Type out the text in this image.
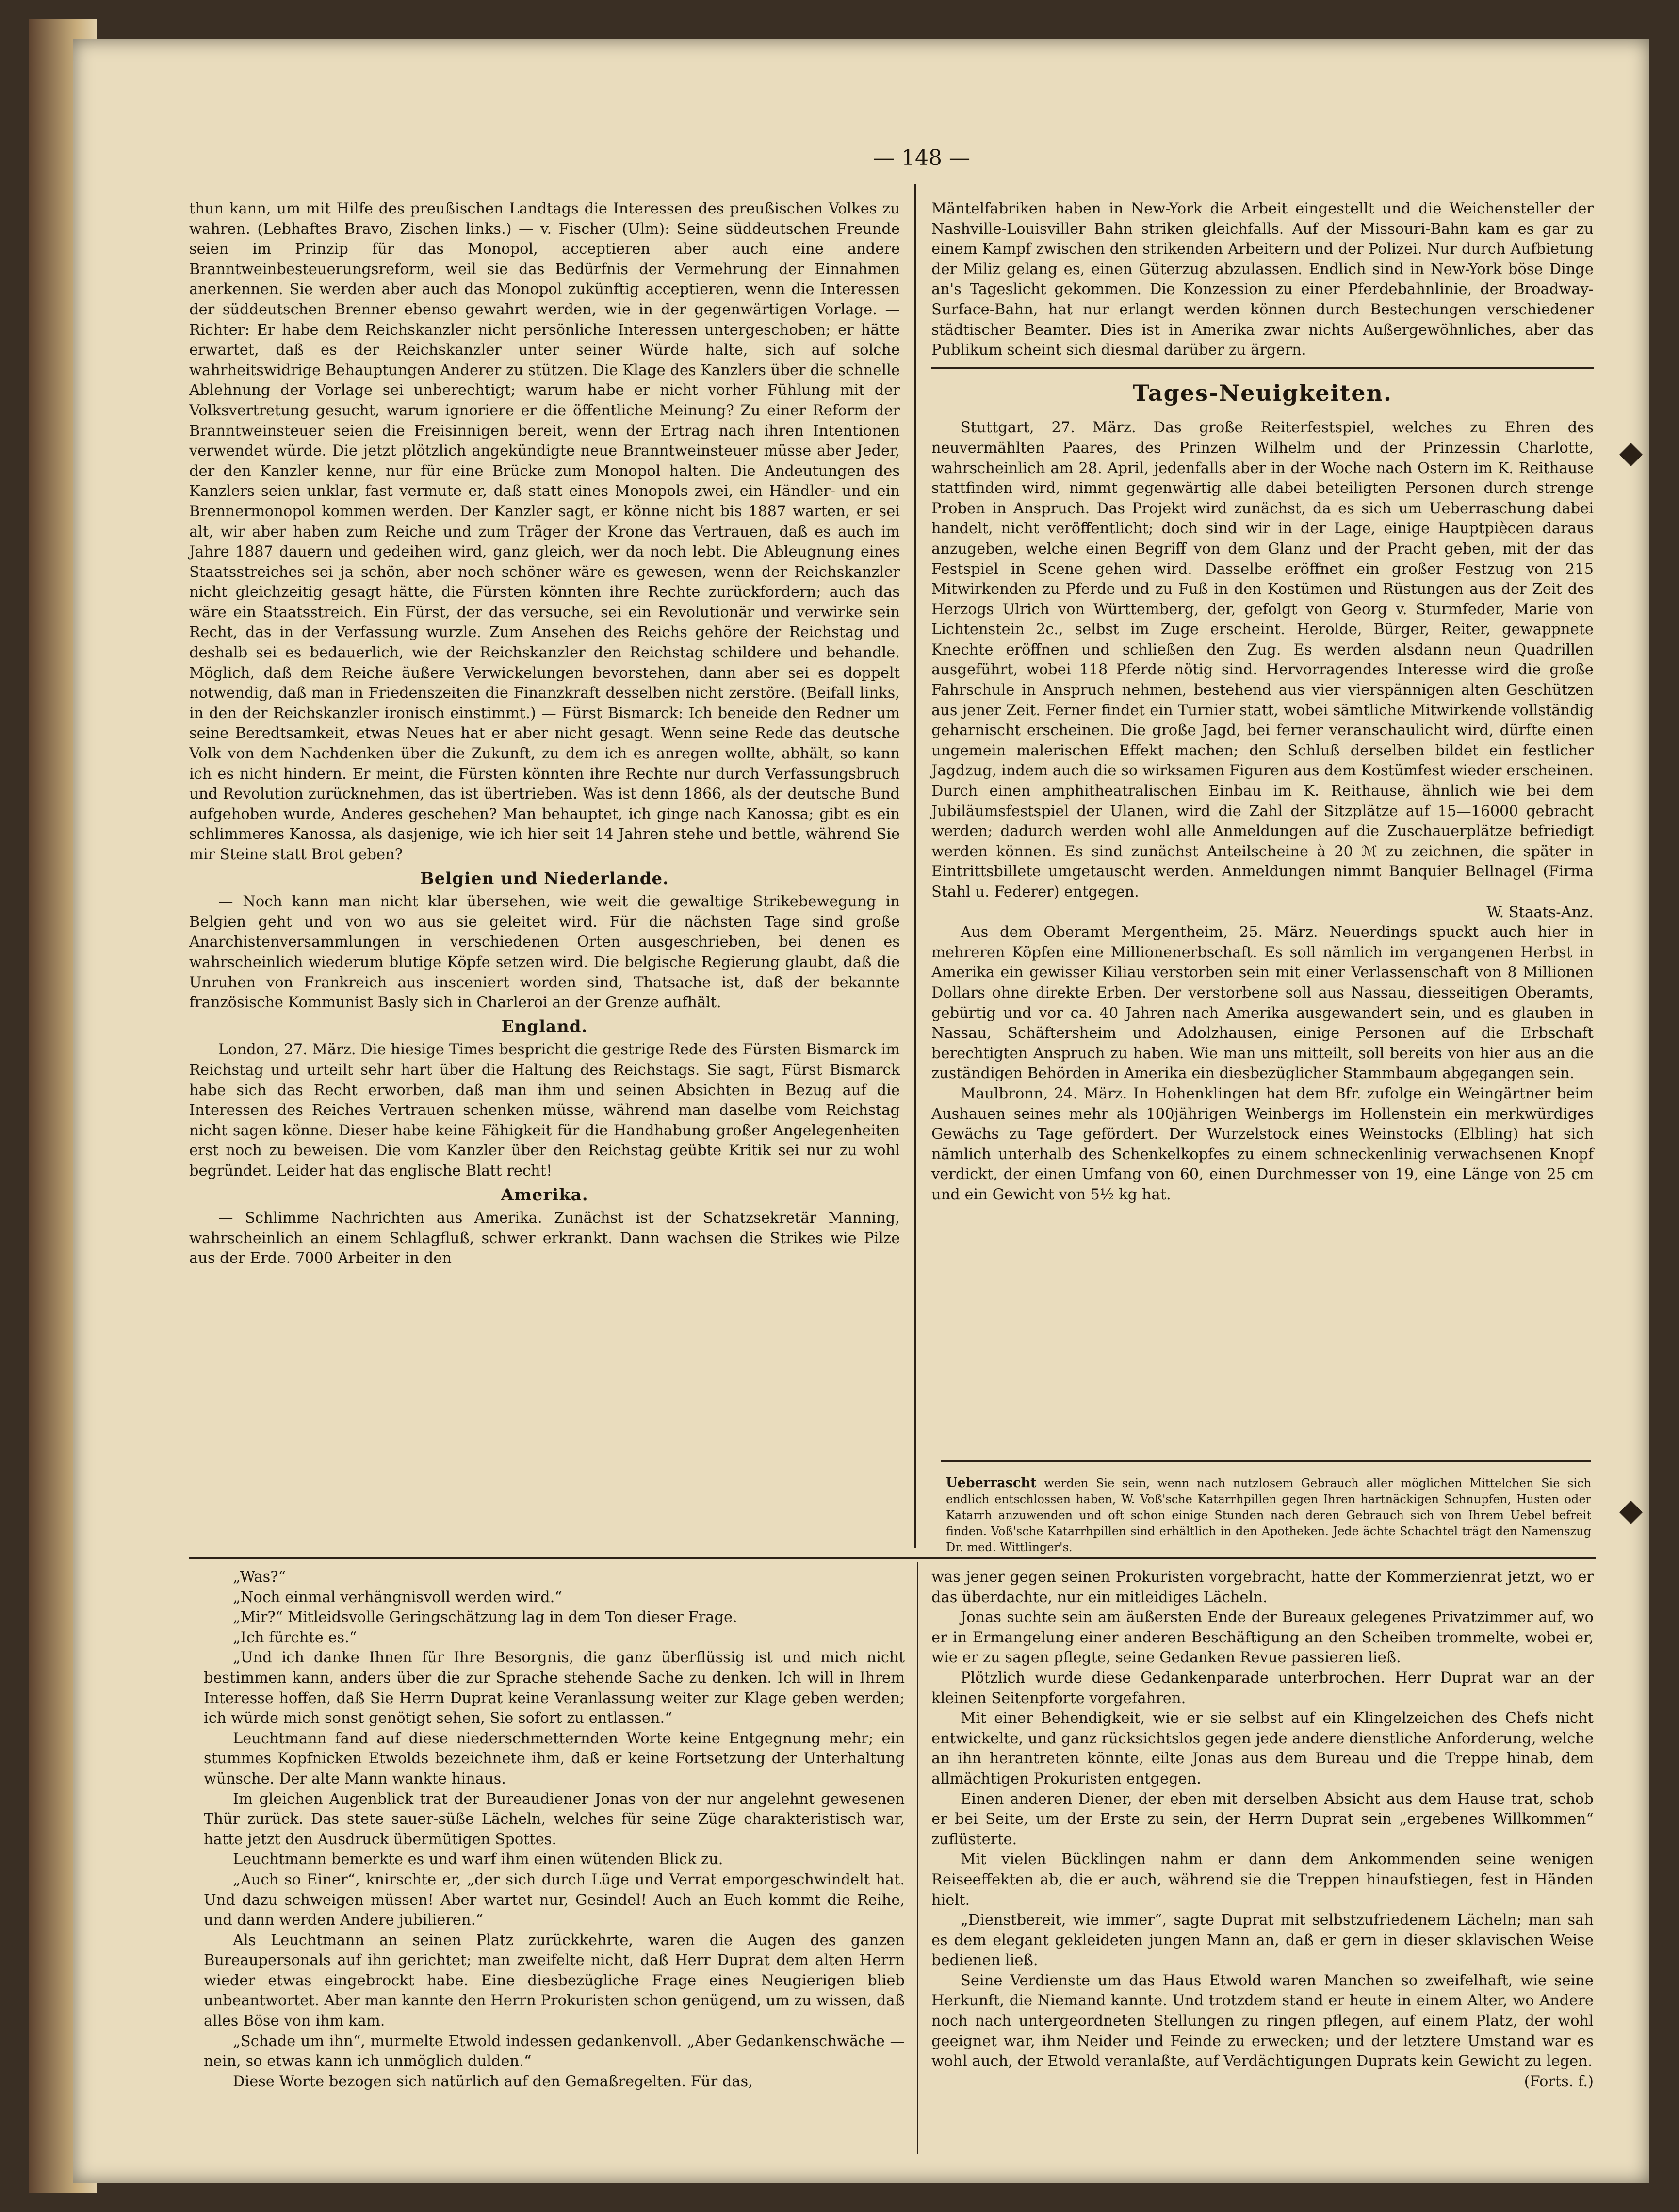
— 148 —

thun kann, um mit Hilfe des preußischen Landtags die Interessen des preußischen Volkes zu wahren. (Lebhaftes Bravo, Zischen links.) — v. Fischer (Ulm): Seine süddeutschen Freunde seien im Prinzip für das Monopol, acceptieren aber auch eine andere Branntweinbesteuerungsreform, weil sie das Bedürfnis der Vermehrung der Einnahmen anerkennen. Sie werden aber auch das Monopol zukünftig acceptieren, wenn die Interessen der süddeutschen Brenner ebenso gewahrt werden, wie in der gegenwärtigen Vorlage. — Richter: Er habe dem Reichskanzler nicht persönliche Interessen untergeschoben; er hätte erwartet, daß es der Reichskanzler unter seiner Würde halte, sich auf solche wahrheitswidrige Behauptungen Anderer zu stützen. Die Klage des Kanzlers über die schnelle Ablehnung der Vorlage sei unberechtigt; warum habe er nicht vorher Fühlung mit der Volksvertretung gesucht, warum ignoriere er die öffentliche Meinung? Zu einer Reform der Branntweinsteuer seien die Freisinnigen bereit, wenn der Ertrag nach ihren Intentionen verwendet würde. Die jetzt plötzlich angekündigte neue Branntweinsteuer müsse aber Jeder, der den Kanzler kenne, nur für eine Brücke zum Monopol halten. Die Andeutungen des Kanzlers seien unklar, fast vermute er, daß statt eines Monopols zwei, ein Händler- und ein Brennermonopol kommen werden. Der Kanzler sagt, er könne nicht bis 1887 warten, er sei alt, wir aber haben zum Reiche und zum Träger der Krone das Vertrauen, daß es auch im Jahre 1887 dauern und gedeihen wird, ganz gleich, wer da noch lebt. Die Ableugnung eines Staatsstreiches sei ja schön, aber noch schöner wäre es gewesen, wenn der Reichskanzler nicht gleichzeitig gesagt hätte, die Fürsten könnten ihre Rechte zurückfordern; auch das wäre ein Staatsstreich. Ein Fürst, der das versuche, sei ein Revolutionär und verwirke sein Recht, das in der Verfassung wurzle. Zum Ansehen des Reichs gehöre der Reichstag und deshalb sei es bedauerlich, wie der Reichskanzler den Reichstag schildere und behandle. Möglich, daß dem Reiche äußere Verwickelungen bevorstehen, dann aber sei es doppelt notwendig, daß man in Friedenszeiten die Finanzkraft desselben nicht zerstöre. (Beifall links, in den der Reichskanzler ironisch einstimmt.) — Fürst Bismarck: Ich beneide den Redner um seine Beredtsamkeit, etwas Neues hat er aber nicht gesagt. Wenn seine Rede das deutsche Volk von dem Nachdenken über die Zukunft, zu dem ich es anregen wollte, abhält, so kann ich es nicht hindern. Er meint, die Fürsten könnten ihre Rechte nur durch Verfassungsbruch und Revolution zurücknehmen, das ist übertrieben. Was ist denn 1866, als der deutsche Bund aufgehoben wurde, Anderes geschehen? Man behauptet, ich ginge nach Kanossa; gibt es ein schlimmeres Kanossa, als dasjenige, wie ich hier seit 14 Jahren stehe und bettle, während Sie mir Steine statt Brot geben?

Belgien und Niederlande.

— Noch kann man nicht klar übersehen, wie weit die gewaltige Strikebewegung in Belgien geht und von wo aus sie geleitet wird. Für die nächsten Tage sind große Anarchistenversammlungen in verschiedenen Orten ausgeschrieben, bei denen es wahrscheinlich wiederum blutige Köpfe setzen wird. Die belgische Regierung glaubt, daß die Unruhen von Frankreich aus insceniert worden sind, Thatsache ist, daß der bekannte französische Kommunist Basly sich in Charleroi an der Grenze aufhält.

England.

London, 27. März. Die hiesige Times bespricht die gestrige Rede des Fürsten Bismarck im Reichstag und urteilt sehr hart über die Haltung des Reichstags. Sie sagt, Fürst Bismarck habe sich das Recht erworben, daß man ihm und seinen Absichten in Bezug auf die Interessen des Reiches Vertrauen schenken müsse, während man daselbe vom Reichstag nicht sagen könne. Dieser habe keine Fähigkeit für die Handhabung großer Angelegenheiten erst noch zu beweisen. Die vom Kanzler über den Reichstag geübte Kritik sei nur zu wohl begründet. Leider hat das englische Blatt recht!

Amerika.

— Schlimme Nachrichten aus Amerika. Zunächst ist der Schatzsekretär Manning, wahrscheinlich an einem Schlagfluß, schwer erkrankt. Dann wachsen die Strikes wie Pilze aus der Erde. 7000 Arbeiter in den

Mäntelfabriken haben in New-York die Arbeit eingestellt und die Weichensteller der Nashville-Louisviller Bahn striken gleichfalls. Auf der Missouri-Bahn kam es gar zu einem Kampf zwischen den strikenden Arbeitern und der Polizei. Nur durch Aufbietung der Miliz gelang es, einen Güterzug abzulassen. Endlich sind in New-York böse Dinge an's Tageslicht gekommen. Die Konzession zu einer Pferdebahnlinie, der Broadway-Surface-Bahn, hat nur erlangt werden können durch Bestechungen verschiedener städtischer Beamter. Dies ist in Amerika zwar nichts Außergewöhnliches, aber das Publikum scheint sich diesmal darüber zu ärgern.

Tages-Neuigkeiten.

Stuttgart, 27. März. Das große Reiterfestspiel, welches zu Ehren des neuvermählten Paares, des Prinzen Wilhelm und der Prinzessin Charlotte, wahrscheinlich am 28. April, jedenfalls aber in der Woche nach Ostern im K. Reithause stattfinden wird, nimmt gegenwärtig alle dabei beteiligten Personen durch strenge Proben in Anspruch. Das Projekt wird zunächst, da es sich um Ueberraschung dabei handelt, nicht veröffentlicht; doch sind wir in der Lage, einige Hauptpiècen daraus anzugeben, welche einen Begriff von dem Glanz und der Pracht geben, mit der das Festspiel in Scene gehen wird. Dasselbe eröffnet ein großer Festzug von 215 Mitwirkenden zu Pferde und zu Fuß in den Kostümen und Rüstungen aus der Zeit des Herzogs Ulrich von Württemberg, der, gefolgt von Georg v. Sturmfeder, Marie von Lichtenstein 2c., selbst im Zuge erscheint. Herolde, Bürger, Reiter, gewappnete Knechte eröffnen und schließen den Zug. Es werden alsdann neun Quadrillen ausgeführt, wobei 118 Pferde nötig sind. Hervorragendes Interesse wird die große Fahrschule in Anspruch nehmen, bestehend aus vier vierspännigen alten Geschützen aus jener Zeit. Ferner findet ein Turnier statt, wobei sämtliche Mitwirkende vollständig geharnischt erscheinen. Die große Jagd, bei ferner veranschaulicht wird, dürfte einen ungemein malerischen Effekt machen; den Schluß derselben bildet ein festlicher Jagdzug, indem auch die so wirksamen Figuren aus dem Kostümfest wieder erscheinen. Durch einen amphitheatralischen Einbau im K. Reithause, ähnlich wie bei dem Jubiläumsfestspiel der Ulanen, wird die Zahl der Sitzplätze auf 15—16000 gebracht werden; dadurch werden wohl alle Anmeldungen auf die Zuschauerplätze befriedigt werden können. Es sind zunächst Anteilscheine à 20 ℳ zu zeichnen, die später in Eintrittsbillete umgetauscht werden. Anmeldungen nimmt Banquier Bellnagel (Firma Stahl u. Federer) entgegen.

W. Staats-Anz.

Aus dem Oberamt Mergentheim, 25. März. Neuerdings spuckt auch hier in mehreren Köpfen eine Millionenerbschaft. Es soll nämlich im vergangenen Herbst in Amerika ein gewisser Kiliau verstorben sein mit einer Verlassenschaft von 8 Millionen Dollars ohne direkte Erben. Der verstorbene soll aus Nassau, diesseitigen Oberamts, gebürtig und vor ca. 40 Jahren nach Amerika ausgewandert sein, und es glauben in Nassau, Schäftersheim und Adolzhausen, einige Personen auf die Erbschaft berechtigten Anspruch zu haben. Wie man uns mitteilt, soll bereits von hier aus an die zuständigen Behörden in Amerika ein diesbezüglicher Stammbaum abgegangen sein.

Maulbronn, 24. März. In Hohenklingen hat dem Bfr. zufolge ein Weingärtner beim Aushauen seines mehr als 100jährigen Weinbergs im Hollenstein ein merkwürdiges Gewächs zu Tage gefördert. Der Wurzelstock eines Weinstocks (Elbling) hat sich nämlich unterhalb des Schenkelkopfes zu einem schneckenlinig verwachsenen Knopf verdickt, der einen Umfang von 60, einen Durchmesser von 19, eine Länge von 25 cm und ein Gewicht von 5½ kg hat.

Ueberrascht werden Sie sein, wenn nach nutzlosem Gebrauch aller möglichen Mittelchen Sie sich endlich entschlossen haben, W. Voß'sche Katarrhpillen gegen Ihren hartnäckigen Schnupfen, Husten oder Katarrh anzuwenden und oft schon einige Stunden nach deren Gebrauch sich von Ihrem Uebel befreit finden. Voß'sche Katarrhpillen sind erhältlich in den Apotheken. Jede ächte Schachtel trägt den Namenszug Dr. med. Wittlinger's.

„Was?“

„Noch einmal verhängnisvoll werden wird.“

„Mir?“ Mitleidsvolle Geringschätzung lag in dem Ton dieser Frage.

„Ich fürchte es.“

„Und ich danke Ihnen für Ihre Besorgnis, die ganz überflüssig ist und mich nicht bestimmen kann, anders über die zur Sprache stehende Sache zu denken. Ich will in Ihrem Interesse hoffen, daß Sie Herrn Duprat keine Veranlassung weiter zur Klage geben werden; ich würde mich sonst genötigt sehen, Sie sofort zu entlassen.“

Leuchtmann fand auf diese niederschmetternden Worte keine Entgegnung mehr; ein stummes Kopfnicken Etwolds bezeichnete ihm, daß er keine Fortsetzung der Unterhaltung wünsche. Der alte Mann wankte hinaus.

Im gleichen Augenblick trat der Bureaudiener Jonas von der nur angelehnt gewesenen Thür zurück. Das stete sauer-süße Lächeln, welches für seine Züge charakteristisch war, hatte jetzt den Ausdruck übermütigen Spottes.

Leuchtmann bemerkte es und warf ihm einen wütenden Blick zu.

„Auch so Einer“, knirschte er, „der sich durch Lüge und Verrat emporgeschwindelt hat. Und dazu schweigen müssen! Aber wartet nur, Gesindel! Auch an Euch kommt die Reihe, und dann werden Andere jubilieren.“

Als Leuchtmann an seinen Platz zurückkehrte, waren die Augen des ganzen Bureaupersonals auf ihn gerichtet; man zweifelte nicht, daß Herr Duprat dem alten Herrn wieder etwas eingebrockt habe. Eine diesbezügliche Frage eines Neugierigen blieb unbeantwortet. Aber man kannte den Herrn Prokuristen schon genügend, um zu wissen, daß alles Böse von ihm kam.

„Schade um ihn“, murmelte Etwold indessen gedankenvoll. „Aber Gedankenschwäche — nein, so etwas kann ich unmöglich dulden.“

Diese Worte bezogen sich natürlich auf den Gemaßregelten. Für das,

was jener gegen seinen Prokuristen vorgebracht, hatte der Kommerzienrat jetzt, wo er das überdachte, nur ein mitleidiges Lächeln.

Jonas suchte sein am äußersten Ende der Bureaux gelegenes Privatzimmer auf, wo er in Ermangelung einer anderen Beschäftigung an den Scheiben trommelte, wobei er, wie er zu sagen pflegte, seine Gedanken Revue passieren ließ.

Plötzlich wurde diese Gedankenparade unterbrochen. Herr Duprat war an der kleinen Seitenpforte vorgefahren.

Mit einer Behendigkeit, wie er sie selbst auf ein Klingelzeichen des Chefs nicht entwickelte, und ganz rücksichtslos gegen jede andere dienstliche Anforderung, welche an ihn herantreten könnte, eilte Jonas aus dem Bureau und die Treppe hinab, dem allmächtigen Prokuristen entgegen.

Einen anderen Diener, der eben mit derselben Absicht aus dem Hause trat, schob er bei Seite, um der Erste zu sein, der Herrn Duprat sein „ergebenes Willkommen“ zuflüsterte.

Mit vielen Bücklingen nahm er dann dem Ankommenden seine wenigen Reiseeffekten ab, die er auch, während sie die Treppen hinaufstiegen, fest in Händen hielt.

„Dienstbereit, wie immer“, sagte Duprat mit selbstzufriedenem Lächeln; man sah es dem elegant gekleideten jungen Mann an, daß er gern in dieser sklavischen Weise bedienen ließ.

Seine Verdienste um das Haus Etwold waren Manchen so zweifelhaft, wie seine Herkunft, die Niemand kannte. Und trotzdem stand er heute in einem Alter, wo Andere noch nach untergeordneten Stellungen zu ringen pflegen, auf einem Platz, der wohl geeignet war, ihm Neider und Feinde zu erwecken; und der letztere Umstand war es wohl auch, der Etwold veranlaßte, auf Verdächtigungen Duprats kein Gewicht zu legen.

(Forts. f.)
